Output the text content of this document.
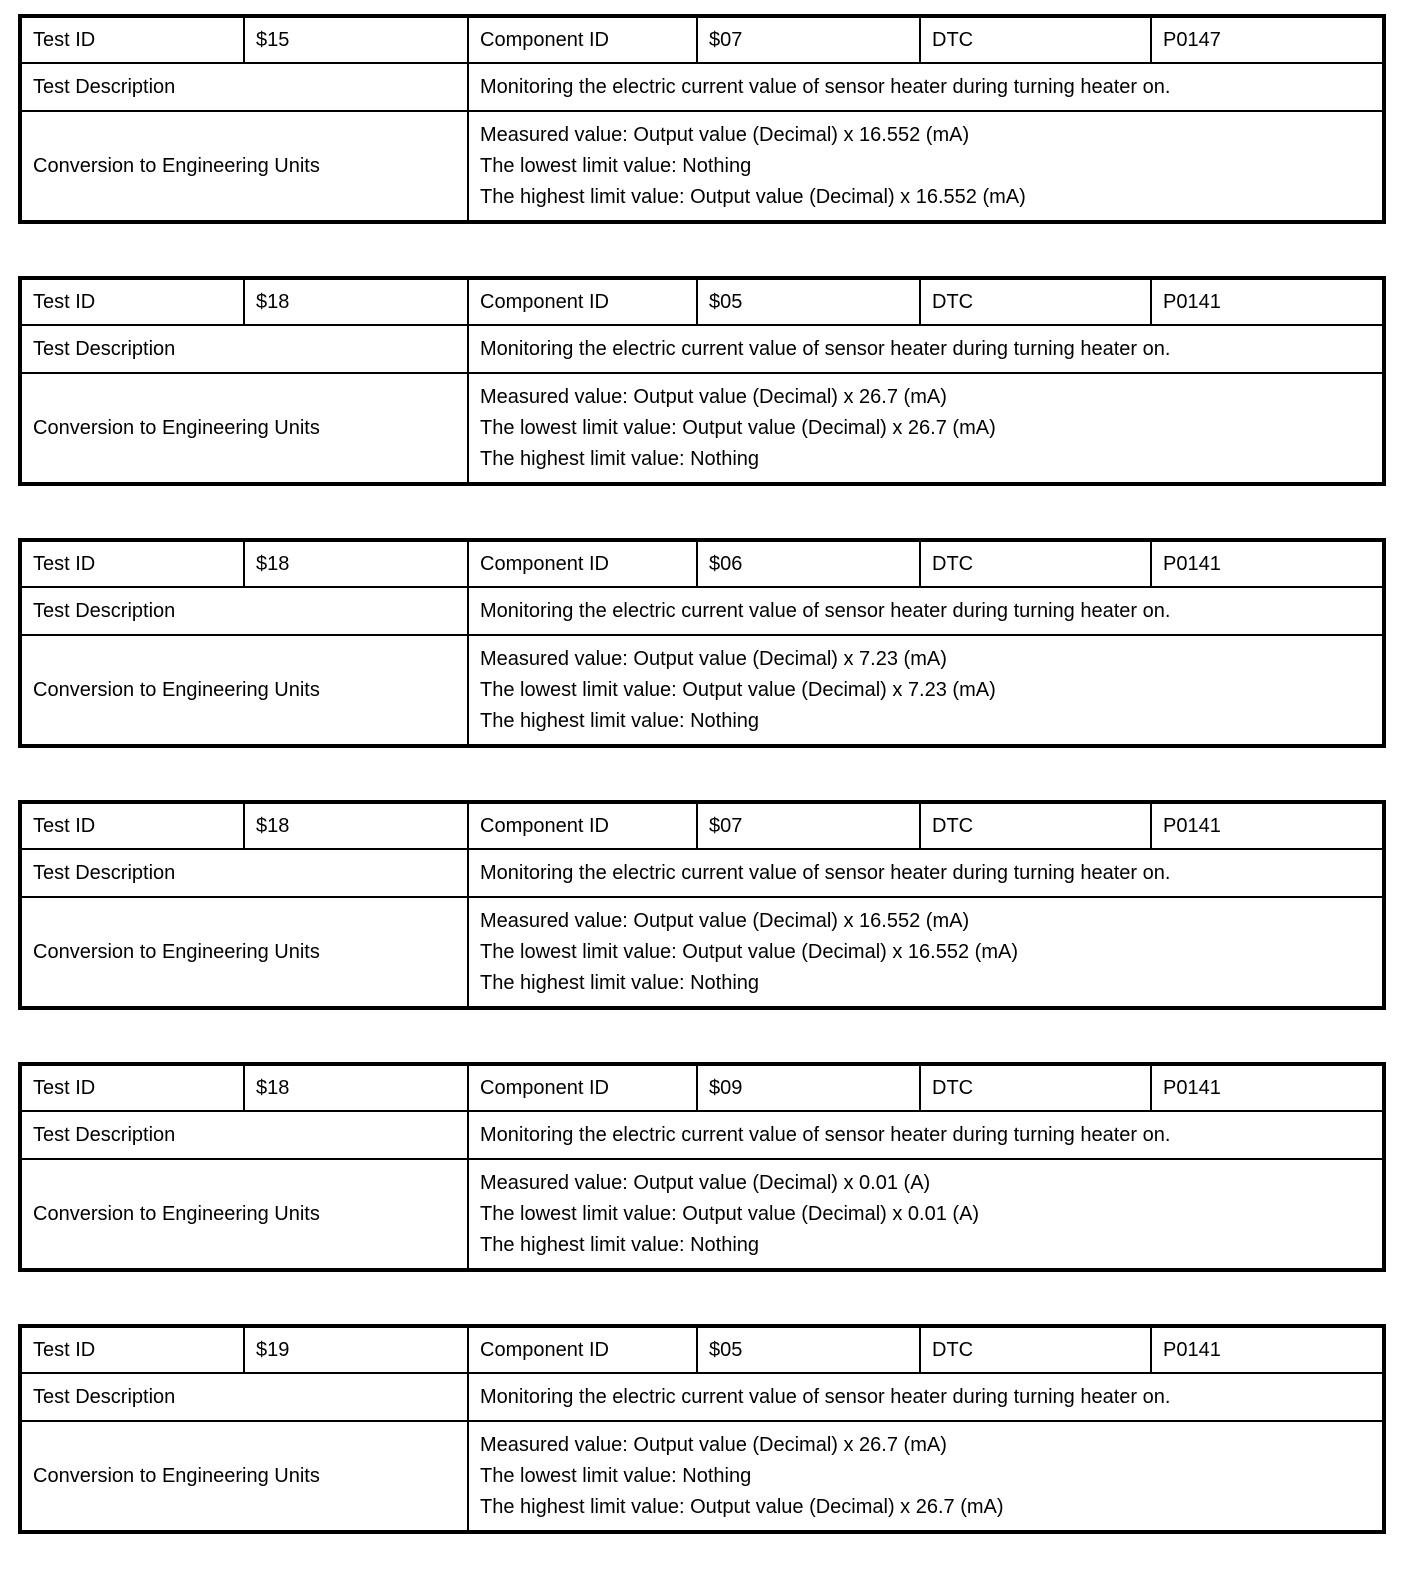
Test ID	$15	Component ID	$07	DTC	P0147
Test Description		Monitoring the electric current value of sensor heater during turning heater on.			
Conversion to Engineering Units		Measured value: Output value (Decimal) x 16.552 (mA)
The lowest limit value: Nothing
The highest limit value: Output value (Decimal) x 16.552 (mA)			
Test ID	$18	Component ID	$05	DTC	P0141
Test Description		Monitoring the electric current value of sensor heater during turning heater on.			
Conversion to Engineering Units		Measured value: Output value (Decimal) x 26.7 (mA)
The lowest limit value: Output value (Decimal) x 26.7 (mA)
The highest limit value: Nothing			
Test ID	$18	Component ID	$06	DTC	P0141
Test Description		Monitoring the electric current value of sensor heater during turning heater on.			
Conversion to Engineering Units		Measured value: Output value (Decimal) x 7.23 (mA)
The lowest limit value: Output value (Decimal) x 7.23 (mA)
The highest limit value: Nothing			
Test ID	$18	Component ID	$07	DTC	P0141
Test Description		Monitoring the electric current value of sensor heater during turning heater on.			
Conversion to Engineering Units		Measured value: Output value (Decimal) x 16.552 (mA)
The lowest limit value: Output value (Decimal) x 16.552 (mA)
The highest limit value: Nothing			
Test ID	$18	Component ID	$09	DTC	P0141
Test Description		Monitoring the electric current value of sensor heater during turning heater on.			
Conversion to Engineering Units		Measured value: Output value (Decimal) x 0.01 (A)
The lowest limit value: Output value (Decimal) x 0.01 (A)
The highest limit value: Nothing			
Test ID	$19	Component ID	$05	DTC	P0141
Test Description		Monitoring the electric current value of sensor heater during turning heater on.			
Conversion to Engineering Units		Measured value: Output value (Decimal) x 26.7 (mA)
The lowest limit value: Nothing
The highest limit value: Output value (Decimal) x 26.7 (mA)			
